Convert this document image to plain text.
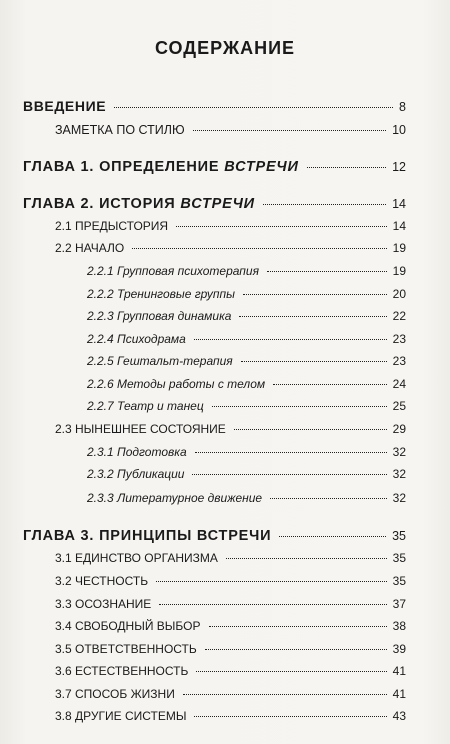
СОДЕРЖАНИЕ
ВВЕДЕНИЕ	8
ЗАМЕТКА ПО СТИЛЮ	10
ГЛАВА 1. ОПРЕДЕЛЕНИЕ ВСТРЕЧИ	12
ГЛАВА 2. ИСТОРИЯ ВСТРЕЧИ	14
2.1 ПРЕДЫСТОРИЯ	14
2.2 НАЧАЛО	19
2.2.1 Групповая психотерапия	19
2.2.2 Тренинговые группы	20
2.2.3 Групповая динамика	22
2.2.4 Психодрама	23
2.2.5 Гештальт-терапия	23
2.2.6 Методы работы с телом	24
2.2.7 Театр и танец	25
2.3 НЫНЕШНЕЕ СОСТОЯНИЕ	29
2.3.1 Подготовка	32
2.3.2 Публикации	32
2.3.3 Литературное движение	32
ГЛАВА 3. ПРИНЦИПЫ ВСТРЕЧИ	35
3.1 ЕДИНСТВО ОРГАНИЗМА	35
3.2 ЧЕСТНОСТЬ	35
3.3 ОСОЗНАНИЕ	37
3.4 СВОБОДНЫЙ ВЫБОР	38
3.5 ОТВЕТСТВЕННОСТЬ	39
3.6 ЕСТЕСТВЕННОСТЬ	41
3.7 СПОСОБ ЖИЗНИ	41
3.8 ДРУГИЕ СИСТЕМЫ	43
